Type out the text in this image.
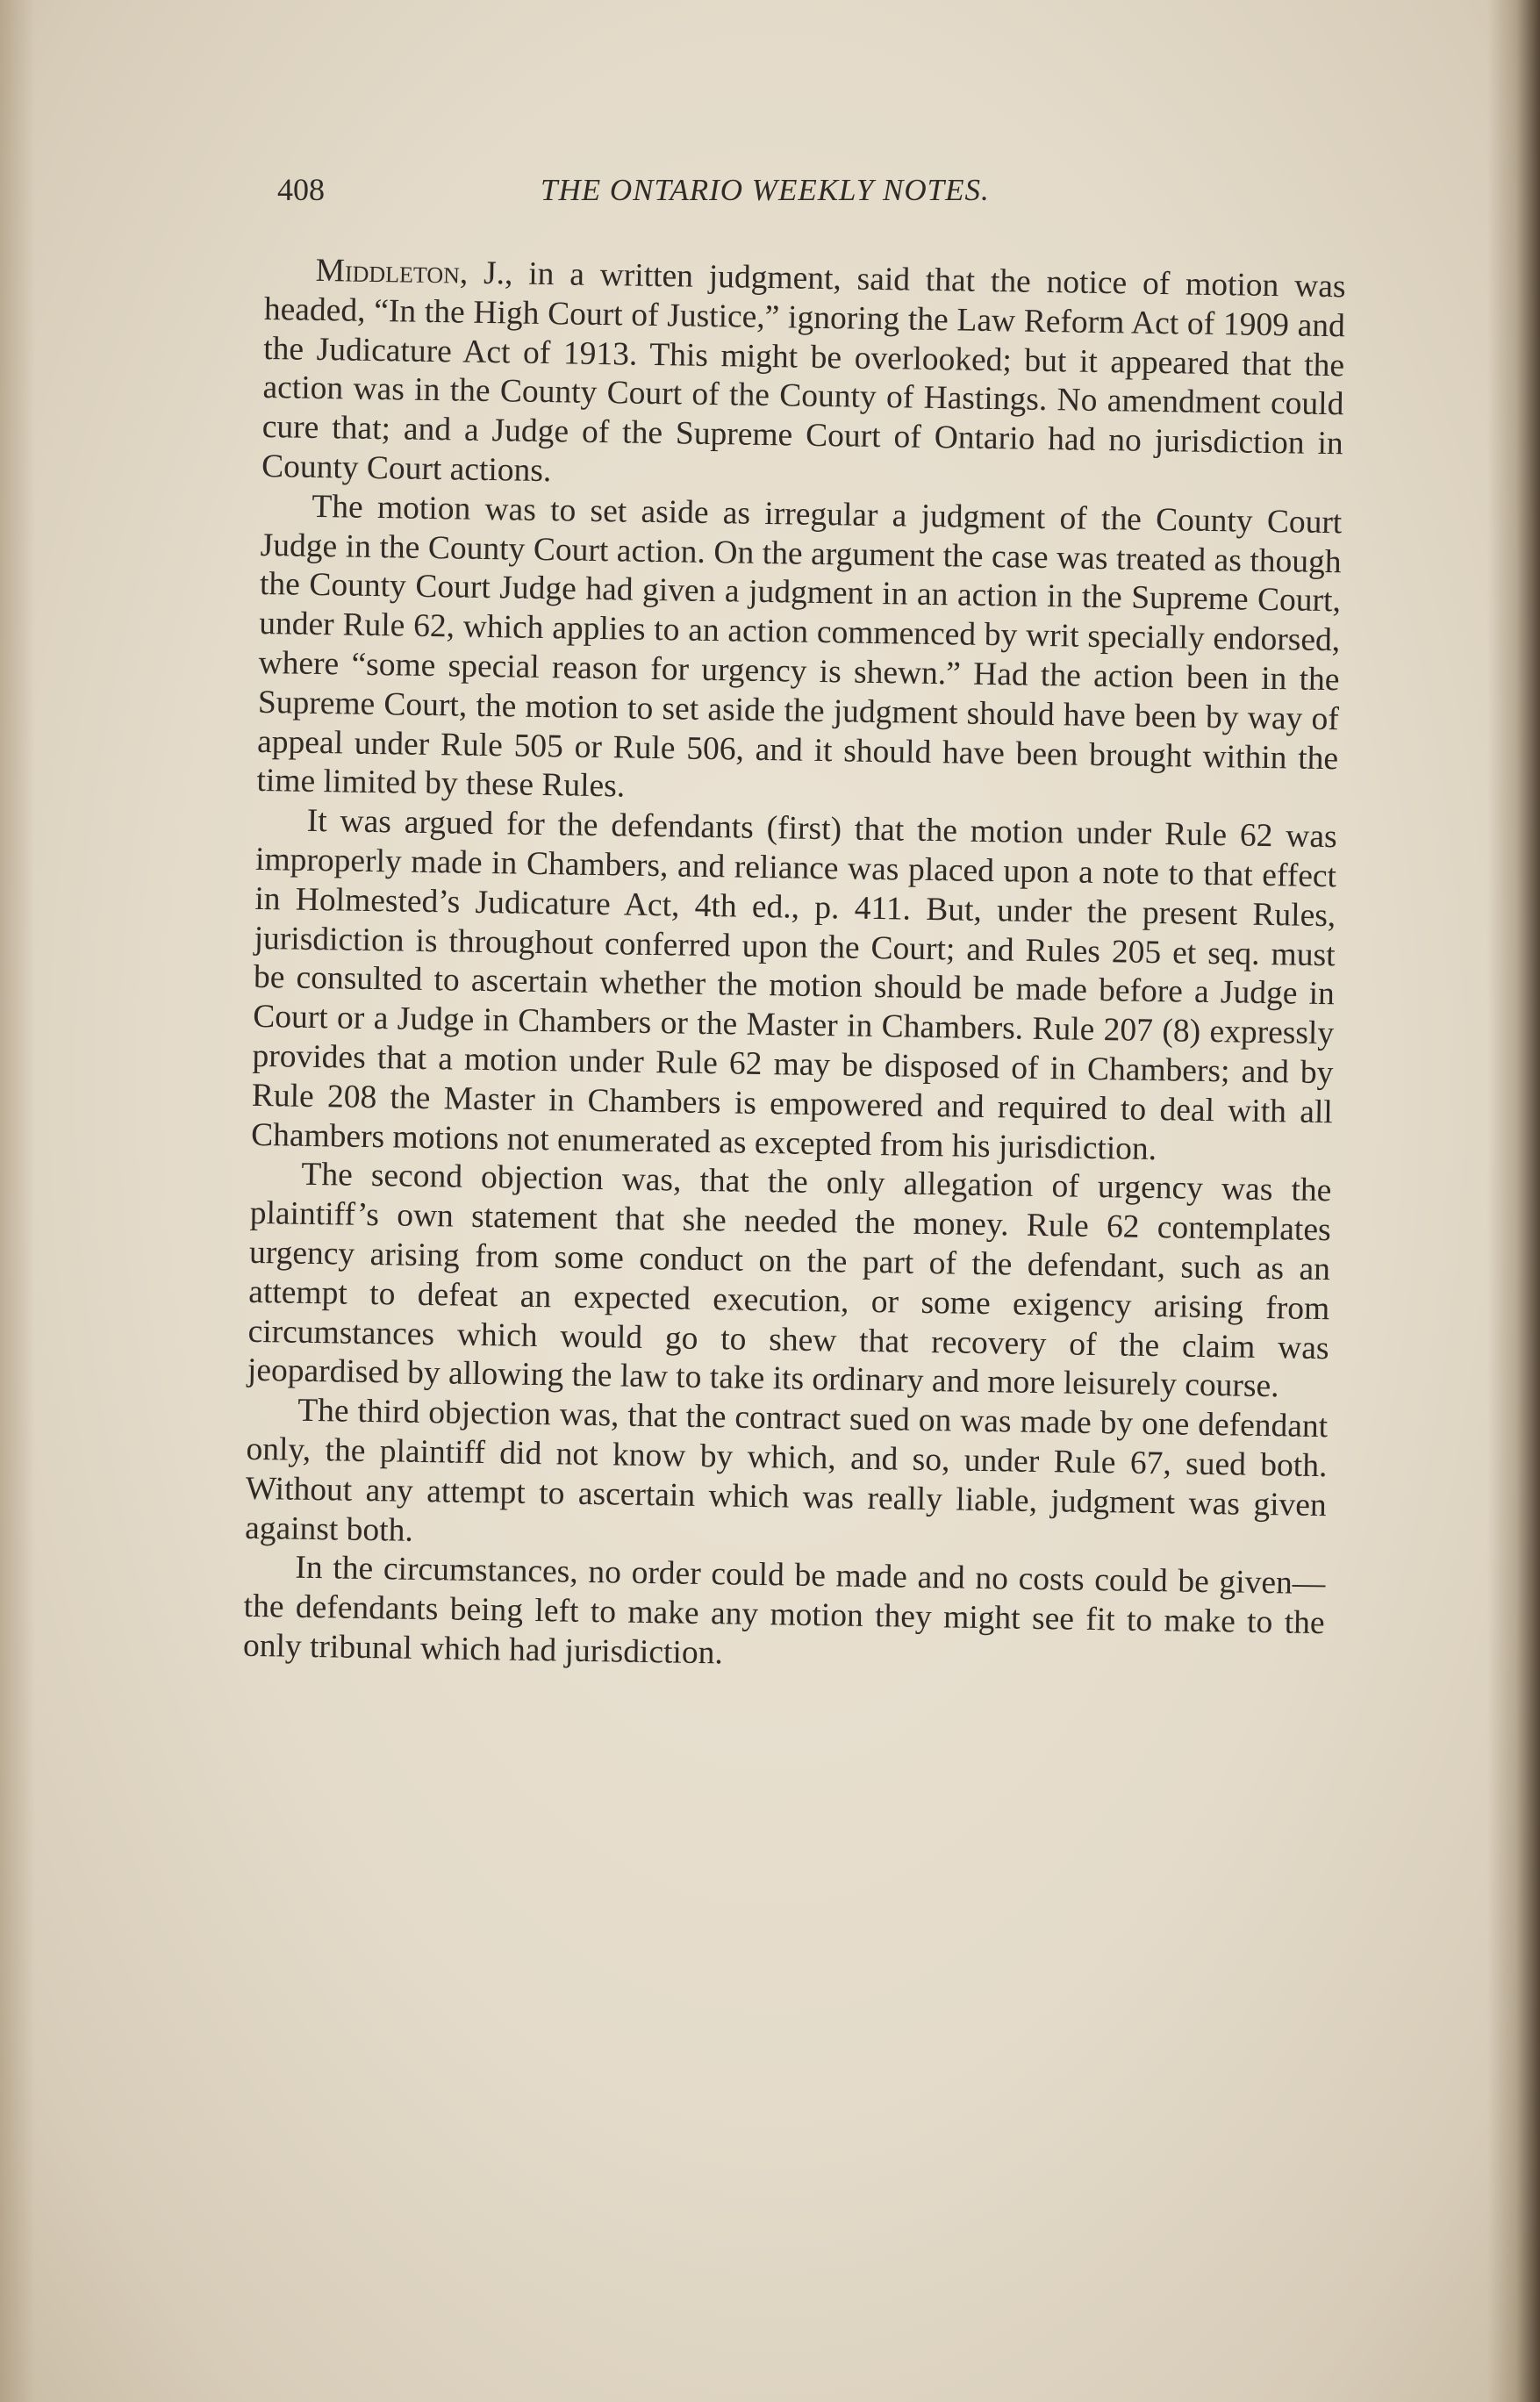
408	THE ONTARIO WEEKLY NOTES.

Middleton, J., in a written judgment, said that the notice of motion was headed, “In the High Court of Justice,” ignoring the Law Reform Act of 1909 and the Judicature Act of 1913. This might be overlooked; but it appeared that the action was in the County Court of the County of Hastings. No amendment could cure that; and a Judge of the Supreme Court of Ontario had no jurisdiction in County Court actions.

The motion was to set aside as irregular a judgment of the County Court Judge in the County Court action. On the argument the case was treated as though the County Court Judge had given a judgment in an action in the Supreme Court, under Rule 62, which applies to an action commenced by writ specially endorsed, where “some special reason for urgency is shewn.” Had the action been in the Supreme Court, the motion to set aside the judgment should have been by way of appeal under Rule 505 or Rule 506, and it should have been brought within the time limited by these Rules.

It was argued for the defendants (first) that the motion under Rule 62 was improperly made in Chambers, and reliance was placed upon a note to that effect in Holmested’s Judicature Act, 4th ed., p. 411. But, under the present Rules, jurisdiction is throughout conferred upon the Court; and Rules 205 et seq. must be consulted to ascertain whether the motion should be made before a Judge in Court or a Judge in Chambers or the Master in Chambers. Rule 207 (8) expressly provides that a motion under Rule 62 may be disposed of in Chambers; and by Rule 208 the Master in Chambers is empowered and required to deal with all Chambers motions not enumerated as excepted from his jurisdiction.

The second objection was, that the only allegation of urgency was the plaintiff’s own statement that she needed the money. Rule 62 contemplates urgency arising from some conduct on the part of the defendant, such as an attempt to defeat an expected execution, or some exigency arising from circumstances which would go to shew that recovery of the claim was jeopardised by allowing the law to take its ordinary and more leisurely course.

The third objection was, that the contract sued on was made by one defendant only, the plaintiff did not know by which, and so, under Rule 67, sued both. Without any attempt to ascertain which was really liable, judgment was given against both.

In the circumstances, no order could be made and no costs could be given—the defendants being left to make any motion they might see fit to make to the only tribunal which had jurisdiction.
